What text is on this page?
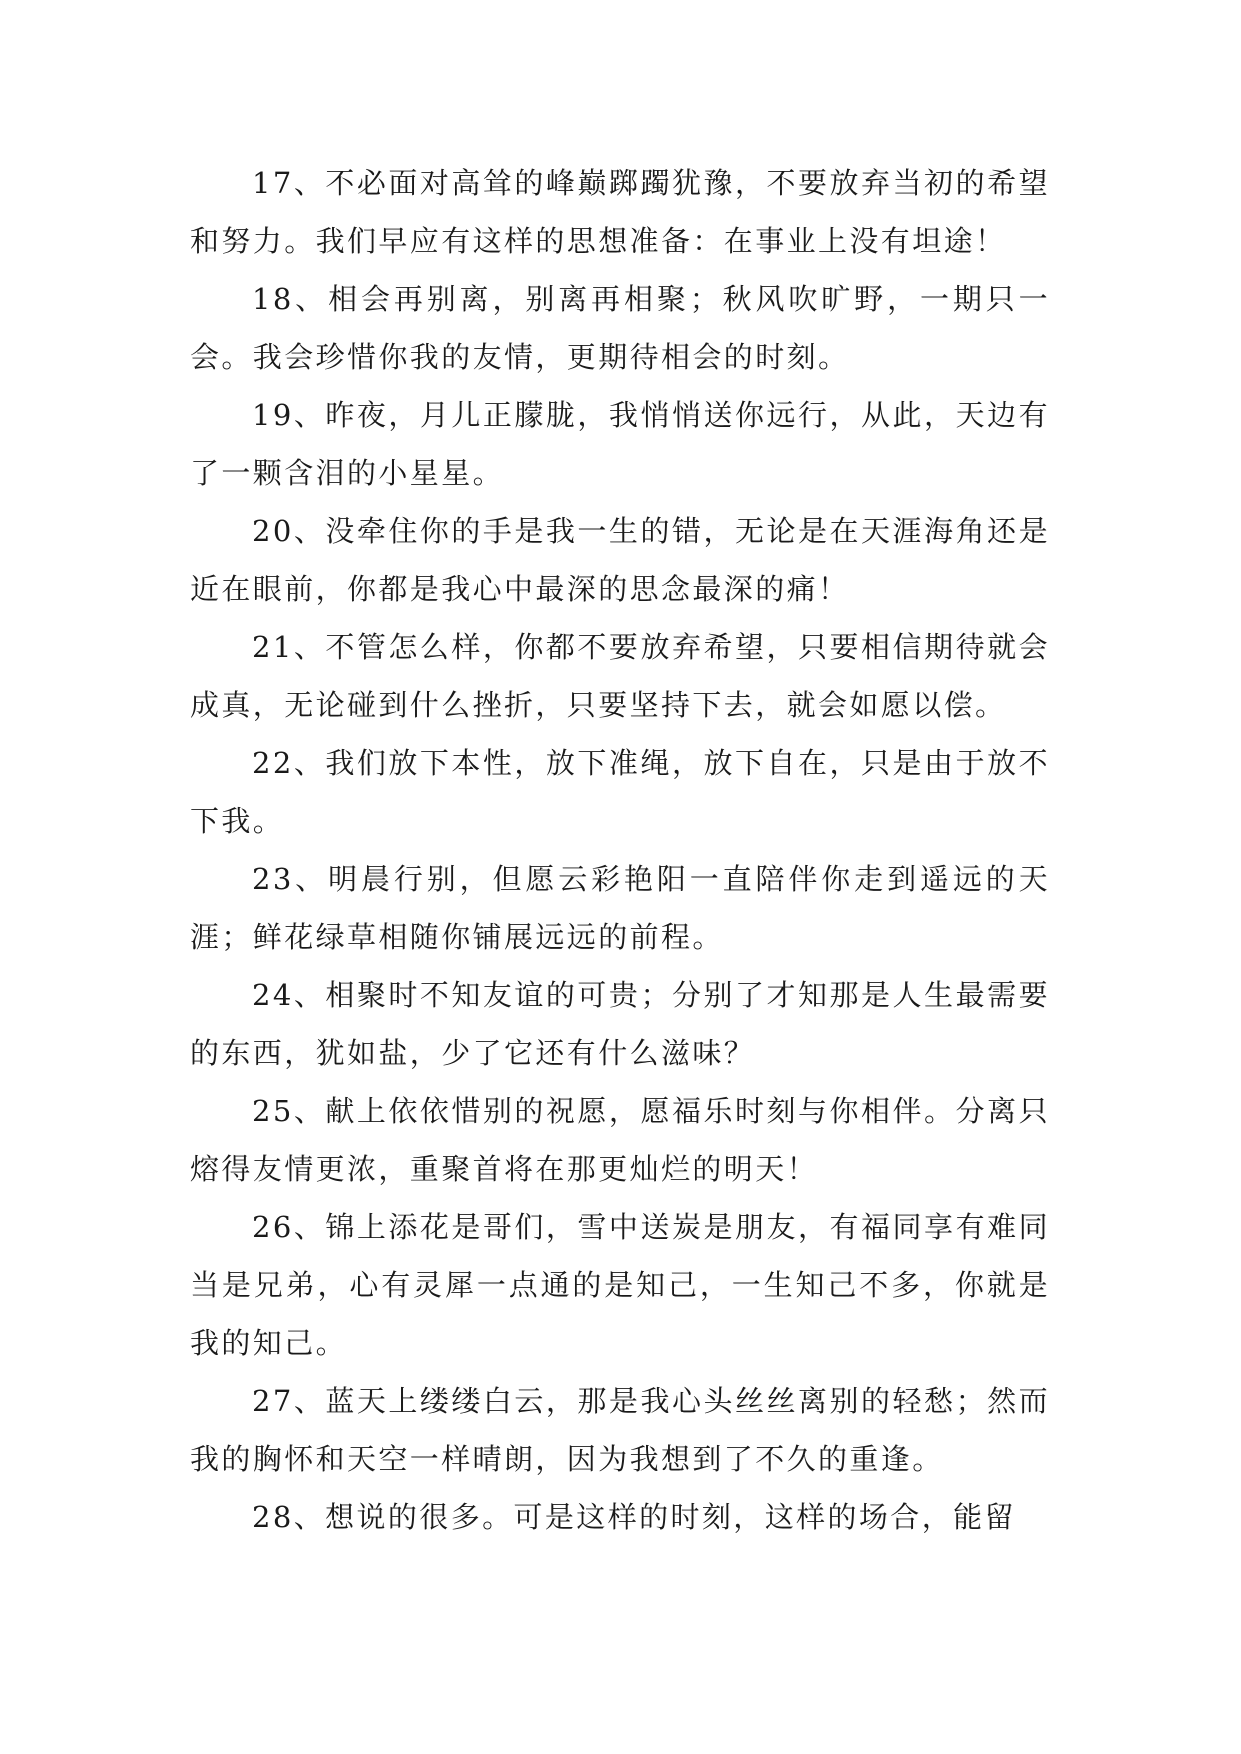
17、不必面对高耸的峰巅踯躅犹豫，不要放弃当初的希望和努力。我们早应有这样的思想准备：在事业上没有坦途！

18、相会再别离，别离再相聚；秋风吹旷野，一期只一会。我会珍惜你我的友情，更期待相会的时刻。

19、昨夜，月儿正朦胧，我悄悄送你远行，从此，天边有了一颗含泪的小星星。

20、没牵住你的手是我一生的错，无论是在天涯海角还是近在眼前，你都是我心中最深的思念最深的痛！

21、不管怎么样，你都不要放弃希望，只要相信期待就会成真，无论碰到什么挫折，只要坚持下去，就会如愿以偿。

22、我们放下本性，放下准绳，放下自在，只是由于放不下我。

23、明晨行别，但愿云彩艳阳一直陪伴你走到遥远的天涯；鲜花绿草相随你铺展远远的前程。

24、相聚时不知友谊的可贵；分别了才知那是人生最需要的东西，犹如盐，少了它还有什么滋味？

25、献上依依惜别的祝愿，愿福乐时刻与你相伴。分离只熔得友情更浓，重聚首将在那更灿烂的明天！

26、锦上添花是哥们，雪中送炭是朋友，有福同享有难同当是兄弟，心有灵犀一点通的是知己，一生知己不多，你就是我的知己。

27、蓝天上缕缕白云，那是我心头丝丝离别的轻愁；然而我的胸怀和天空一样晴朗，因为我想到了不久的重逢。

28、想说的很多。可是这样的时刻，这样的场合，能留
